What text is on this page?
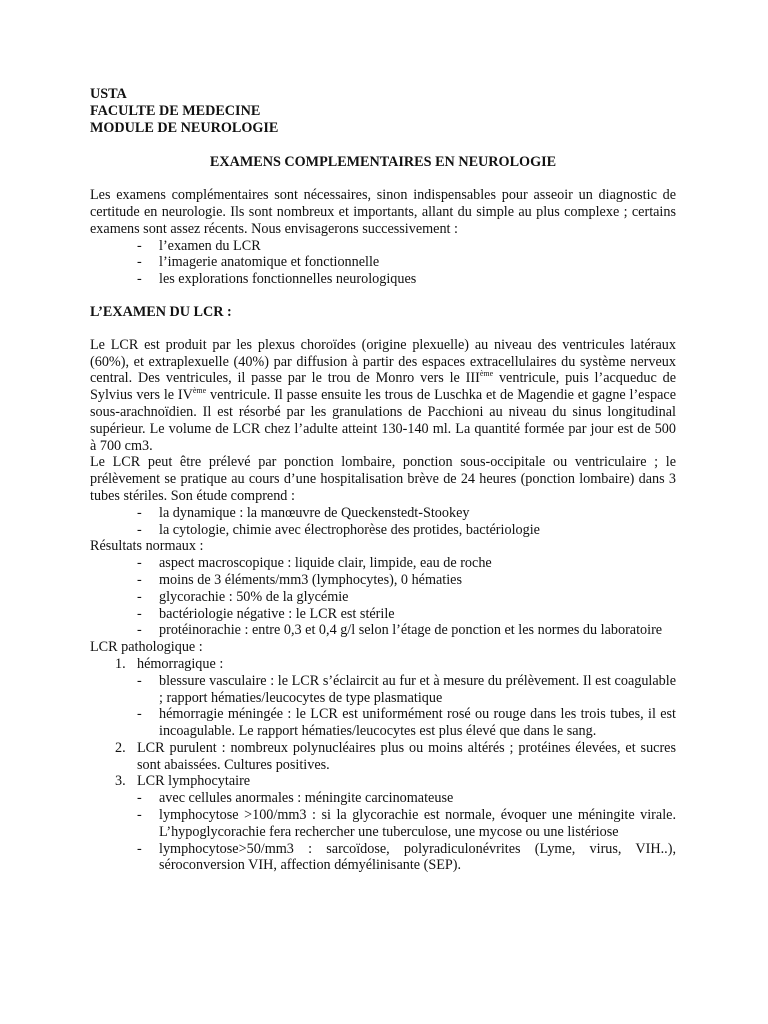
USTA
FACULTE DE MEDECINE
MODULE DE NEUROLOGIE
EXAMENS COMPLEMENTAIRES EN NEUROLOGIE

Les examens complémentaires sont nécessaires, sinon indispensables pour asseoir un diagnostic de certitude en neurologie. Ils sont nombreux et importants, allant du simple au plus complexe ; certains examens sont assez récents. Nous envisagerons successivement :

-	l’examen du LCR
-	l’imagerie anatomique et fonctionnelle
-	les explorations fonctionnelles neurologiques
L’EXAMEN DU LCR :

Le LCR est produit par les plexus choroïdes (origine plexuelle) au niveau des ventricules latéraux (60%), et extraplexuelle (40%) par diffusion à partir des espaces extracellulaires du système nerveux central. Des ventricules, il passe par le trou de Monro vers le IIIème ventricule, puis l’acqueduc de Sylvius vers le IVème ventricule. Il passe ensuite les trous de Luschka et de Magendie et gagne l’espace sous-arachnoïdien. Il est résorbé par les granulations de Pacchioni au niveau du sinus longitudinal supérieur. Le volume de LCR chez l’adulte atteint 130-140 ml. La quantité formée par jour est de 500 à 700 cm3.

Le LCR peut être prélevé par ponction lombaire, ponction sous-occipitale ou ventriculaire ; le prélèvement se pratique au cours d’une hospitalisation brève de 24 heures (ponction lombaire) dans 3 tubes stériles. Son étude comprend :

-	la dynamique : la manœuvre de Queckenstedt-Stookey
-	la cytologie, chimie avec électrophorèse des protides, bactériologie
Résultats normaux :
-	aspect macroscopique : liquide clair, limpide, eau de roche
-	moins de 3 éléments/mm3 (lymphocytes), 0 hématies
-	glycorachie : 50% de la glycémie
-	bactériologie négative : le LCR est stérile
-	protéinorachie : entre 0,3 et 0,4 g/l selon l’étage de ponction et les normes du laboratoire
LCR pathologique :
1. hémorragique :
-	blessure vasculaire : le LCR s’éclaircit au fur et à mesure du prélèvement. Il est coagulable ; rapport hématies/leucocytes de type plasmatique
-	hémorragie méningée : le LCR est uniformément rosé ou rouge dans les trois tubes, il est incoagulable. Le rapport hématies/leucocytes est plus élevé que dans le sang.
2. LCR purulent : nombreux polynucléaires plus ou moins altérés ; protéines élevées, et sucres sont abaissées. Cultures positives.
3. LCR lymphocytaire
-	avec cellules anormales : méningite carcinomateuse
-	lymphocytose >100/mm3 : si la glycorachie est normale, évoquer une méningite virale. L’hypoglycorachie fera rechercher une tuberculose, une mycose ou une listériose
-	lymphocytose>50/mm3 : sarcoïdose, polyradiculonévrites (Lyme, virus, VIH..), séroconversion VIH, affection démyélinisante (SEP).
